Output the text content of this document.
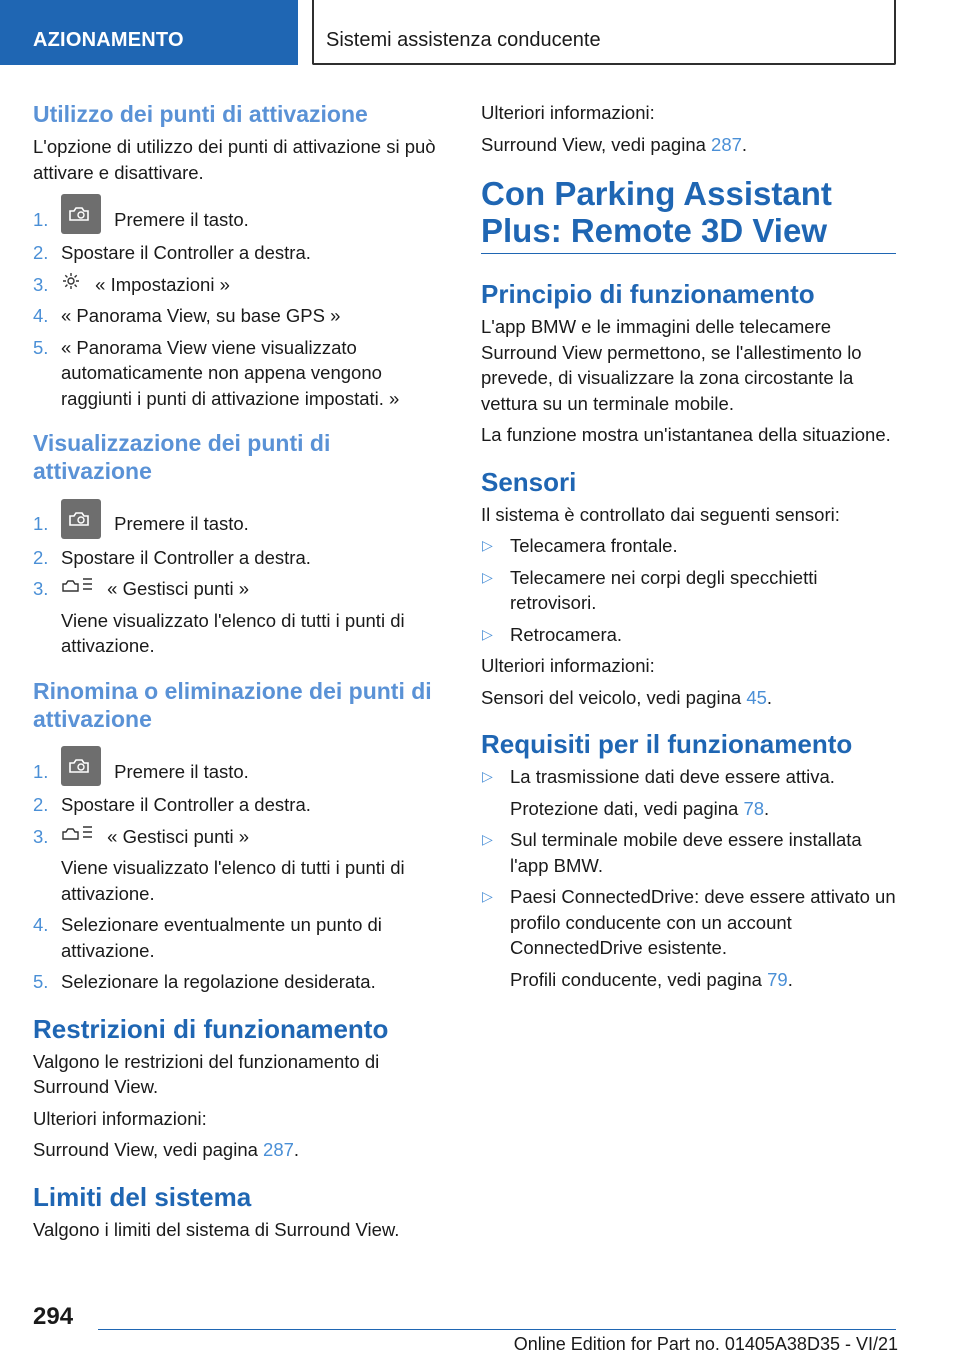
AZIONAMENTO	Sistemi assistenza conducente
Utilizzo dei punti di attivazione

L'opzione di utilizzo dei punti di attivazione si può attivare e disattivare.

1.	Premere il tasto.
2. Spostare il Controller a destra.
3.	« Impostazioni »
4. « Panorama View, su base GPS »
5. « Panorama View viene visualizzato automaticamente non appena vengono raggiunti i punti di attivazione impostati. »
Visualizzazione dei punti di attivazione
1.	Premere il tasto.
2. Spostare il Controller a destra.
3.	« Gestisci punti »
Viene visualizzato l'elenco di tutti i punti di attivazione.
Rinomina o eliminazione dei punti di attivazione
1.	Premere il tasto.
2. Spostare il Controller a destra.
3.	« Gestisci punti »
Viene visualizzato l'elenco di tutti i punti di attivazione.
4. Selezionare eventualmente un punto di attivazione.
5. Selezionare la regolazione desiderata.
Restrizioni di funzionamento

Valgono le restrizioni del funzionamento di Surround View.

Ulteriori informazioni:

Surround View, vedi pagina 287.

Limiti del sistema

Valgono i limiti del sistema di Surround View.

Ulteriori informazioni:

Surround View, vedi pagina 287.

Con Parking Assistant
Plus: Remote 3D View
Principio di funzionamento

L'app BMW e le immagini delle telecamere Surround View permettono, se l'allestimento lo prevede, di visualizzare la zona circostante la vettura su un terminale mobile.

La funzione mostra un'istantanea della situazione.

Sensori

Il sistema è controllato dai seguenti sensori:

▷ Telecamera frontale.
▷ Telecamere nei corpi degli specchietti retrovisori.
▷ Retrocamera.

Ulteriori informazioni:

Sensori del veicolo, vedi pagina 45.

Requisiti per il funzionamento
▷ La trasmissione dati deve essere attiva.
Protezione dati, vedi pagina 78.
▷ Sul terminale mobile deve essere installata l'app BMW.
▷ Paesi ConnectedDrive: deve essere attivato un profilo conducente con un account ConnectedDrive esistente.
Profili conducente, vedi pagina 79.
294
Online Edition for Part no. 01405A38D35 - VI/21
